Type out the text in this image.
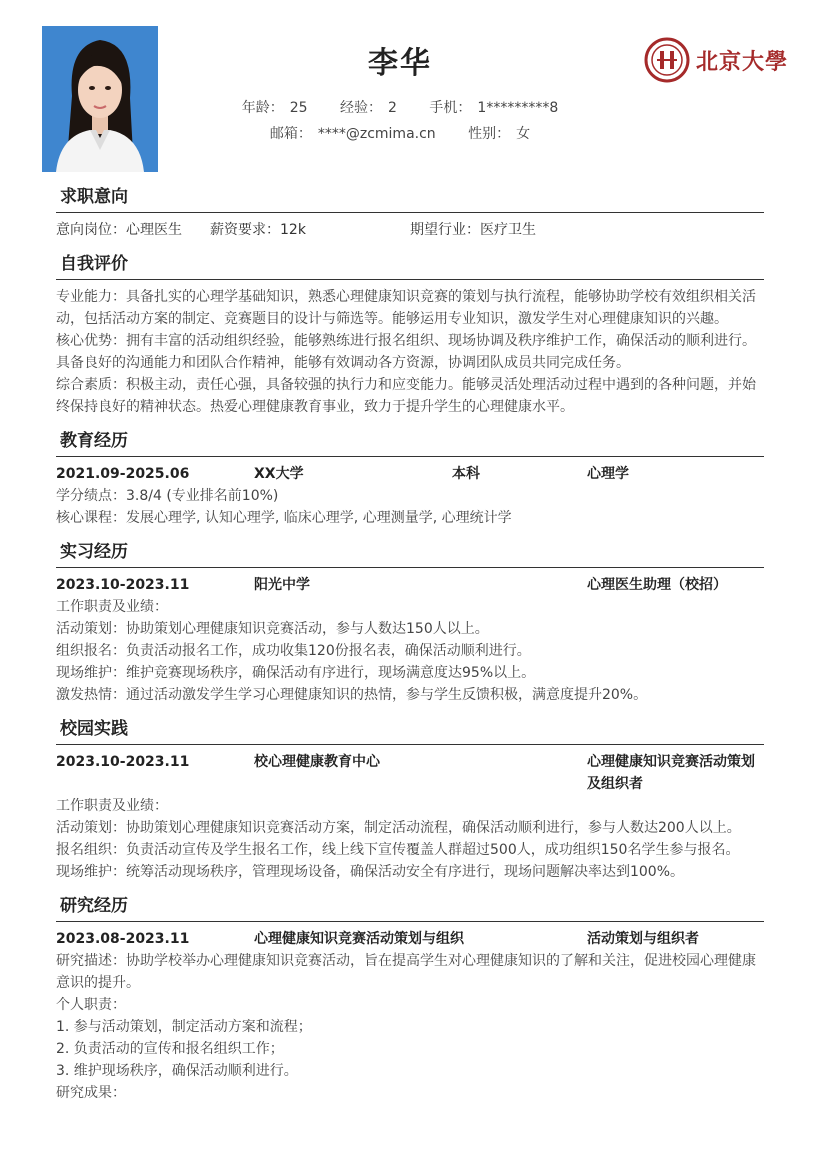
李华
年龄： 25 经验： 2 手机： 1*********8
邮箱： ****@zcmima.cn 性别： 女
北京大學
求职意向
意向岗位：心理医生	薪资要求：12k	期望行业：医疗卫生
自我评价

专业能力：具备扎实的心理学基础知识，熟悉心理健康知识竞赛的策划与执行流程，能够协助学校有效组织相关活动，包括活动方案的制定、竞赛题目的设计与筛选等。能够运用专业知识，激发学生对心理健康知识的兴趣。

核心优势：拥有丰富的活动组织经验，能够熟练进行报名组织、现场协调及秩序维护工作，确保活动的顺利进行。具备良好的沟通能力和团队合作精神，能够有效调动各方资源，协调团队成员共同完成任务。

综合素质：积极主动，责任心强，具备较强的执行力和应变能力。能够灵活处理活动过程中遇到的各种问题，并始终保持良好的精神状态。热爱心理健康教育事业，致力于提升学生的心理健康水平。

教育经历
2021.09-2025.06	XX大学	本科	心理学

学分绩点：3.8/4 (专业排名前10%)

核心课程：发展心理学, 认知心理学, 临床心理学, 心理测量学, 心理统计学

实习经历
2023.10-2023.11	阳光中学	心理医生助理（校招）

工作职责及业绩：

活动策划：协助策划心理健康知识竞赛活动，参与人数达150人以上。

组织报名：负责活动报名工作，成功收集120份报名表，确保活动顺利进行。

现场维护：维护竞赛现场秩序，确保活动有序进行，现场满意度达95%以上。

激发热情：通过活动激发学生学习心理健康知识的热情，参与学生反馈积极，满意度提升20%。

校园实践
2023.10-2023.11	校心理健康教育中心	心理健康知识竞赛活动策划及组织者

工作职责及业绩：

活动策划：协助策划心理健康知识竞赛活动方案，制定活动流程，确保活动顺利进行，参与人数达200人以上。

报名组织：负责活动宣传及学生报名工作，线上线下宣传覆盖人群超过500人，成功组织150名学生参与报名。

现场维护：统筹活动现场秩序，管理现场设备，确保活动安全有序进行，现场问题解决率达到100%。

研究经历
2023.08-2023.11	心理健康知识竞赛活动策划与组织	活动策划与组织者

研究描述：协助学校举办心理健康知识竞赛活动，旨在提高学生对心理健康知识的了解和关注，促进校园心理健康意识的提升。

个人职责：

1. 参与活动策划，制定活动方案和流程；

2. 负责活动的宣传和报名组织工作；

3. 维护现场秩序，确保活动顺利进行。

研究成果：
